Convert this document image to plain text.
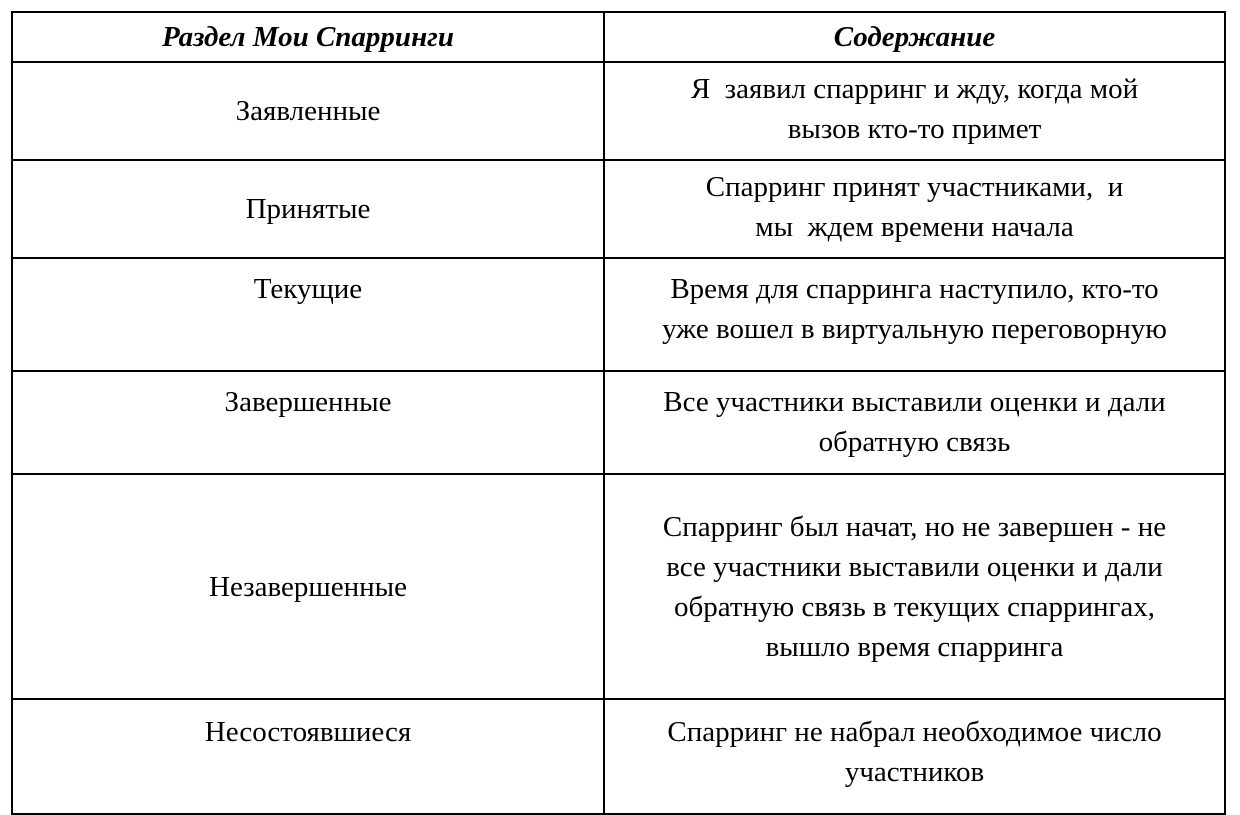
Раздел Мои Спарринги	Содержание
Заявленные	Я  заявил спарринг и жду, когда мой
вызов кто-то примет

Принятые	Спарринг принят участниками,  и
мы  ждем времени начала

Текущие	Время для спарринга наступило, кто-то
уже вошел в виртуальную переговорную

Завершенные	Все участники выставили оценки и дали
обратную связь

Незавершенные	Спарринг был начат, но не завершен - не
все участники выставили оценки и дали
обратную связь в текущих спаррингах,
вышло время спарринга

Несостоявшиеся	Спарринг не набрал необходимое число
участников
